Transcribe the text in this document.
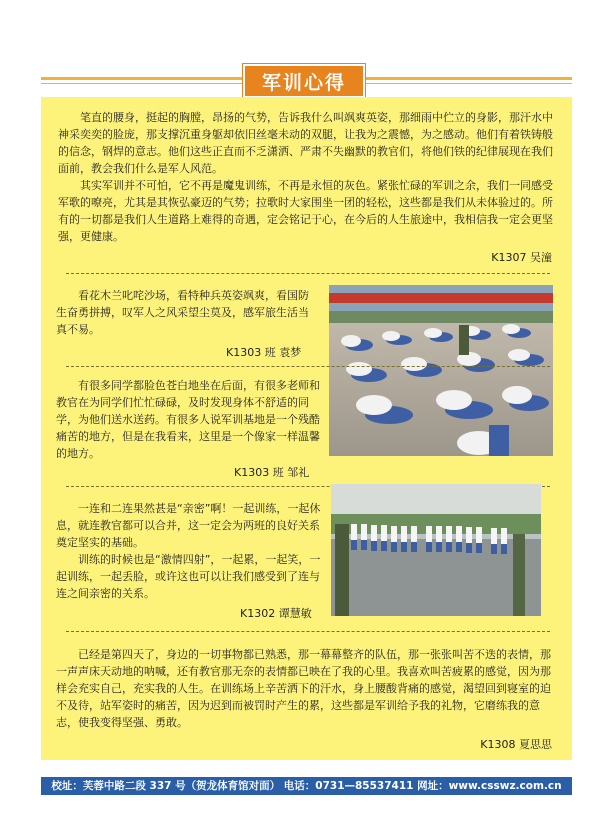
军训心得

笔直的腰身，挺起的胸膛，昂扬的气势，告诉我什么叫飒爽英姿，那细雨中伫立的身影，那汗水中神采奕奕的脸庞，那支撑沉重身躯却依旧丝毫未动的双腿，让我为之震憾，为之感动。他们有着铁铸般的信念，钢焊的意志。他们这些正直而不乏潇洒、严肃不失幽默的教官们，将他们铁的纪律展现在我们面前，教会我们什么是军人风范。

其实军训并不可怕，它不再是魔鬼训练，不再是永恒的灰色。紧张忙碌的军训之余，我们一同感受军歌的嘹亮，尤其是其恢弘豪迈的气势；拉歌时大家围坐一团的轻松，这些都是我们从未体验过的。所有的一切都是我们人生道路上难得的奇遇，定会铭记于心，在今后的人生旅途中，我相信我一定会更坚强，更健康。

K1307 吴潼

看花木兰叱咤沙场，看特种兵英姿飒爽，看国防生奋勇拼搏，叹军人之风采望尘莫及，感军旅生活当真不易。

K1303 班 袁梦

有很多同学都脸色苍白地坐在后面，有很多老师和教官在为同学们忙忙碌碌，及时发现身体不舒适的同学，为他们送水送药。有很多人说军训基地是一个残酷痛苦的地方，但是在我看来，这里是一个像家一样温馨的地方。

K1303 班 邹礼

一连和二连果然甚是“亲密”啊！一起训练，一起休息，就连教官都可以合并，这一定会为两班的良好关系奠定坚实的基础。

训练的时候也是“激情四射”，一起累，一起笑，一起训练，一起丢脸，或许这也可以让我们感受到了连与连之间亲密的关系。

K1302 谭慧敏

已经是第四天了，身边的一切事物都已熟悉，那一幕幕整齐的队伍，那一张张叫苦不迭的表情，那一声声床天动地的呐喊，还有教官那无奈的表情都已映在了我的心里。我喜欢叫苦疲累的感觉，因为那样会充实自己，充实我的人生。在训练场上辛苦洒下的汗水，身上腰酸背痛的感觉，渴望回到寝室的迫不及待，站军姿时的痛苦，因为迟到而被罚时产生的累，这些都是军训给予我的礼物，它磨练我的意志，使我变得坚强、勇敢。

K1308 夏思思
校址：芙蓉中路二段 337 号（贺龙体育馆对面） 电话：0731—85537411 网址：www.csswz.com.cn
